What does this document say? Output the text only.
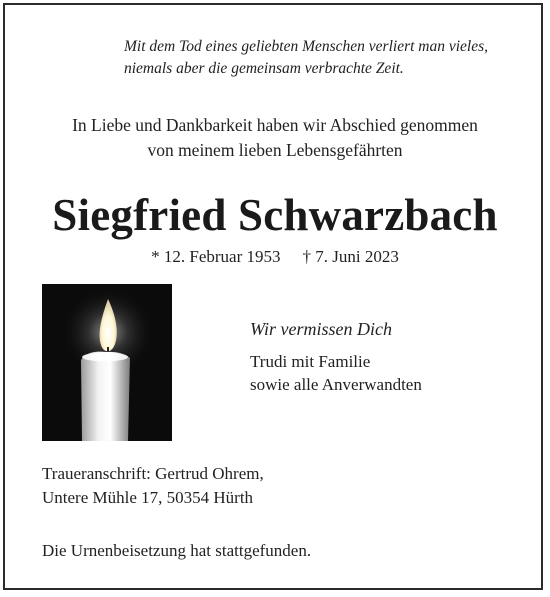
Mit dem Tod eines geliebten Menschen verliert man vieles,
niemals aber die gemeinsam verbrachte Zeit.
In Liebe und Dankbarkeit haben wir Abschied genommen
von meinem lieben Lebensgefährten
Siegfried Schwarzbach
* 12. Februar 1953 † 7. Juni 2023
Wir vermissen Dich
Trudi mit Familie
sowie alle Anverwandten
Traueranschrift: Gertrud Ohrem,
Untere Mühle 17, 50354 Hürth
Die Urnenbeisetzung hat stattgefunden.
